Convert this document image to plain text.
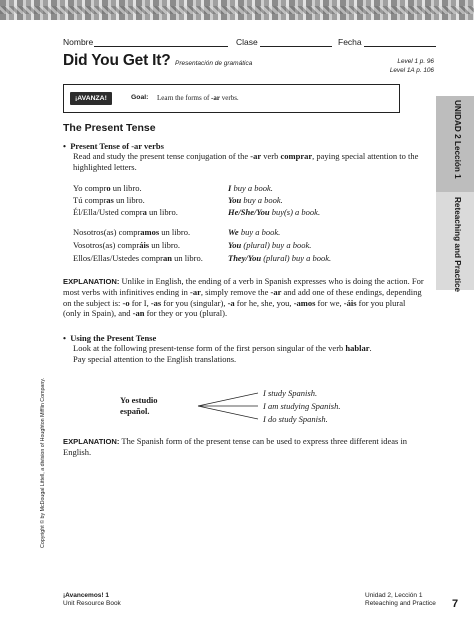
Nombre	Clase	Fecha
Did You Get It? Presentación de gramática	Level 1 p. 96
Level 1A p. 106
¡AVANZA!	Goal: Learn the forms of -ar verbs.
UNIDAD 2 Lección 1
Reteaching and Practice
The Present Tense
•  Present Tense of -ar verbs
Read and study the present tense conjugation of the -ar verb comprar, paying special attention to the highlighted letters.
Yo compro un libro.	I buy a book.
Tú compras un libro.	You buy a book.
Él/Ella/Usted compra un libro.	He/She/You buy(s) a book.
Nosotros(as) compramos un libro.	We buy a book.
Vosotros(as) compráis un libro.	You (plural) buy a book.
Ellos/Ellas/Ustedes compran un libro.	They/You (plural) buy a book.
EXPLANATION: Unlike in English, the ending of a verb in Spanish expresses who is doing the action. For most verbs with infinitives ending in -ar, simply remove the -ar and add one of these endings, depending on the subject is: -o for I, -as for you (singular), -a for he, she, you, -amos for we, -áis for you plural (only in Spain), and -an for they or you (plural).
•  Using the Present Tense
Look at the following present-tense form of the first person singular of the verb hablar.
Pay special attention to the English translations.
Yo estudio
español.
I study Spanish.
I am studying Spanish.
I do study Spanish.
EXPLANATION: The Spanish form of the present tense can be used to express three different ideas in English.
Copyright © by McDougal Littell, a division of Houghton Mifflin Company.
¡Avancemos! 1
Unit Resource Book
Unidad 2, Lección 1
Reteaching and Practice 7
